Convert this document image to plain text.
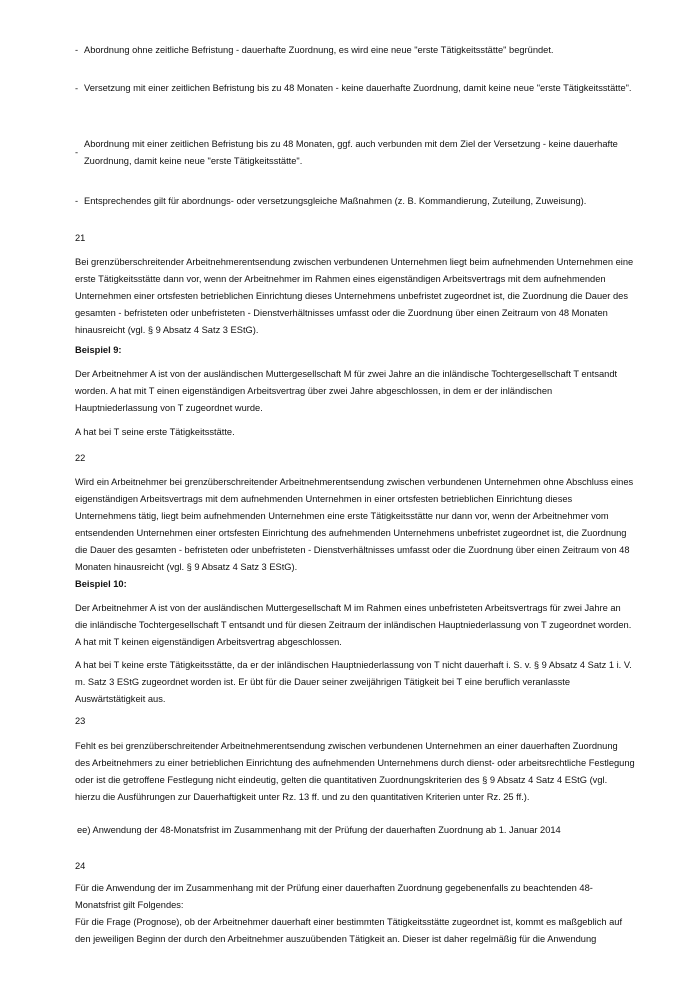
- Abordnung ohne zeitliche Befristung - dauerhafte Zuordnung, es wird eine neue "erste Tätigkeitsstätte" begründet.
- Versetzung mit einer zeitlichen Befristung bis zu 48 Monaten - keine dauerhafte Zuordnung, damit keine neue "erste Tätigkeitsstätte".
-
Abordnung mit einer zeitlichen Befristung bis zu 48 Monaten, ggf. auch verbunden mit dem Ziel der Versetzung - keine dauerhafte Zuordnung, damit keine neue "erste Tätigkeitsstätte".
- Entsprechendes gilt für abordnungs- oder versetzungsgleiche Maßnahmen (z. B. Kommandierung, Zuteilung, Zuweisung).

21

Bei grenzüberschreitender Arbeitnehmerentsendung zwischen verbundenen Unternehmen liegt beim aufnehmenden Unternehmen eine erste Tätigkeitsstätte dann vor, wenn der Arbeitnehmer im Rahmen eines eigenständigen Arbeitsvertrags mit dem aufnehmenden Unternehmen einer ortsfesten betrieblichen Einrichtung dieses Unternehmens unbefristet zugeordnet ist, die Zuordnung die Dauer des gesamten - befristeten oder unbefristeten - Dienstverhältnisses umfasst oder die Zuordnung über einen Zeitraum von 48 Monaten hinausreicht (vgl. § 9 Absatz 4 Satz 3 EStG).

Beispiel 9:

Der Arbeitnehmer A ist von der ausländischen Muttergesellschaft M für zwei Jahre an die inländische Tochtergesellschaft T entsandt worden. A hat mit T einen eigenständigen Arbeitsvertrag über zwei Jahre abgeschlossen, in dem er der inländischen Hauptniederlassung von T zugeordnet wurde.

A hat bei T seine erste Tätigkeitsstätte.

22

Wird ein Arbeitnehmer bei grenzüberschreitender Arbeitnehmerentsendung zwischen verbundenen Unternehmen ohne Abschluss eines eigenständigen Arbeitsvertrags mit dem aufnehmenden Unternehmen in einer ortsfesten betrieblichen Einrichtung dieses Unternehmens tätig, liegt beim aufnehmenden Unternehmen eine erste Tätigkeitsstätte nur dann vor, wenn der Arbeitnehmer vom entsendenden Unternehmen einer ortsfesten Einrichtung des aufnehmenden Unternehmens unbefristet zugeordnet ist, die Zuordnung die Dauer des gesamten - befristeten oder unbefristeten - Dienstverhältnisses umfasst oder die Zuordnung über einen Zeitraum von 48 Monaten hinausreicht (vgl. § 9 Absatz 4 Satz 3 EStG).

Beispiel 10:

Der Arbeitnehmer A ist von der ausländischen Muttergesellschaft M im Rahmen eines unbefristeten Arbeitsvertrags für zwei Jahre an die inländische Tochtergesellschaft T entsandt und für diesen Zeitraum der inländischen Hauptniederlassung von T zugeordnet worden. A hat mit T keinen eigenständigen Arbeitsvertrag abgeschlossen.

A hat bei T keine erste Tätigkeitsstätte, da er der inländischen Hauptniederlassung von T nicht dauerhaft i. S. v. § 9 Absatz 4 Satz 1 i. V. m. Satz 3 EStG zugeordnet worden ist. Er übt für die Dauer seiner zweijährigen Tätigkeit bei T eine beruflich veranlasste Auswärtstätigkeit aus.

23

Fehlt es bei grenzüberschreitender Arbeitnehmerentsendung zwischen verbundenen Unternehmen an einer dauerhaften Zuordnung des Arbeitnehmers zu einer betrieblichen Einrichtung des aufnehmenden Unternehmens durch dienst- oder arbeitsrechtliche Festlegung oder ist die getroffene Festlegung nicht eindeutig, gelten die quantitativen Zuordnungskriterien des § 9 Absatz 4 Satz 4 EStG (vgl. hierzu die Ausführungen zur Dauerhaftigkeit unter Rz. 13 ff. und zu den quantitativen Kriterien unter Rz. 25 ff.).

ee) Anwendung der 48-Monatsfrist im Zusammenhang mit der Prüfung der dauerhaften Zuordnung ab 1. Januar 2014

24

Für die Anwendung der im Zusammenhang mit der Prüfung einer dauerhaften Zuordnung gegebenenfalls zu beachtenden 48-Monatsfrist gilt Folgendes:

Für die Frage (Prognose), ob der Arbeitnehmer dauerhaft einer bestimmten Tätigkeitsstätte zugeordnet ist, kommt es maßgeblich auf den jeweiligen Beginn der durch den Arbeitnehmer auszuübenden Tätigkeit an. Dieser ist daher regelmäßig für die Anwendung
